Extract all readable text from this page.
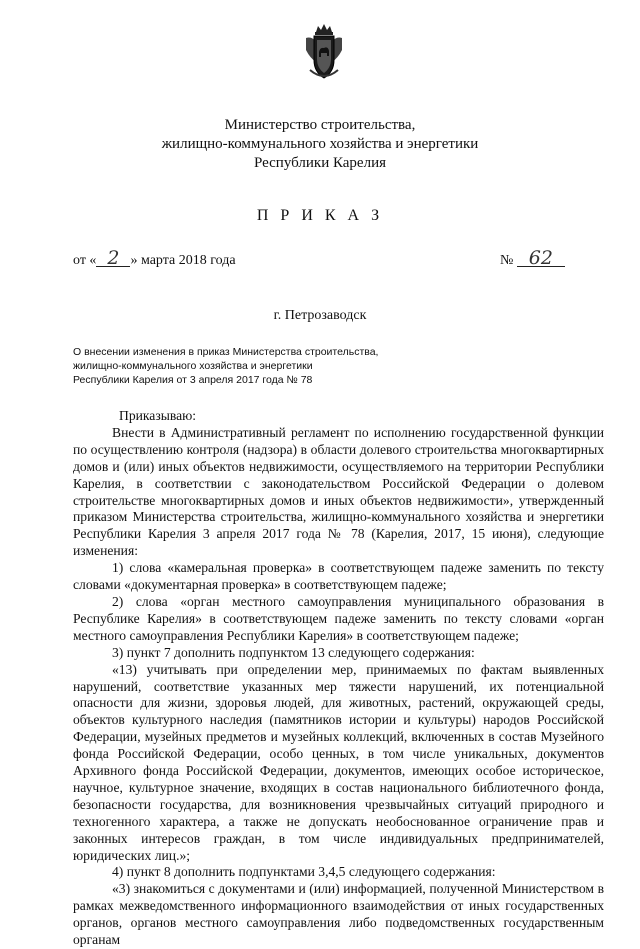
Министерство строительства,
жилищно-коммунального хозяйства и энергетики
Республики Карелия
П Р И К А З
от « 2 » марта 2018 года	№ 62
г. Петрозаводск
О внесении изменения в приказ Министерства строительства,
жилищно-коммунального хозяйства и энергетики
Республики Карелия от 3 апреля 2017 года № 78

Приказываю:

Внести в Административный регламент по исполнению государственной функции по осуществлению контроля (надзора) в области долевого строительства многоквартирных домов и (или) иных объектов недвижимости, осуществляемого на территории Республики Карелия, в соответствии с законодательством Российской Федерации о долевом строительстве многоквартирных домов и иных объектов недвижимости», утвержденный приказом Министерства строительства, жилищно-коммунального хозяйства и энергетики Республики Карелия 3 апреля 2017 года № 78 (Карелия, 2017, 15 июня), следующие изменения:

1) слова «камеральная проверка» в соответствующем падеже заменить по тексту словами «документарная проверка» в соответствующем падеже;

2) слова «орган местного самоуправления муниципального образования в Республике Карелия» в соответствующем падеже заменить по тексту словами «орган местного самоуправления Республики Карелия» в соответствующем падеже;

3) пункт 7 дополнить подпунктом 13 следующего содержания:

«13) учитывать при определении мер, принимаемых по фактам выявленных нарушений, соответствие указанных мер тяжести нарушений, их потенциальной опасности для жизни, здоровья людей, для животных, растений, окружающей среды, объектов культурного наследия (памятников истории и культуры) народов Российской Федерации, музейных предметов и музейных коллекций, включенных в состав Музейного фонда Российской Федерации, особо ценных, в том числе уникальных, документов Архивного фонда Российской Федерации, документов, имеющих особое историческое, научное, культурное значение, входящих в состав национального библиотечного фонда, безопасности государства, для возникновения чрезвычайных ситуаций природного и техногенного характера, а также не допускать необоснованное ограничение прав и законных интересов граждан, в том числе индивидуальных предпринимателей, юридических лиц.»;

4) пункт 8 дополнить подпунктами 3,4,5 следующего содержания:

«3) знакомиться с документами и (или) информацией, полученной Министерством в рамках межведомственного информационного взаимодействия от иных государственных органов, органов местного самоуправления либо подведомственных государственным органам
